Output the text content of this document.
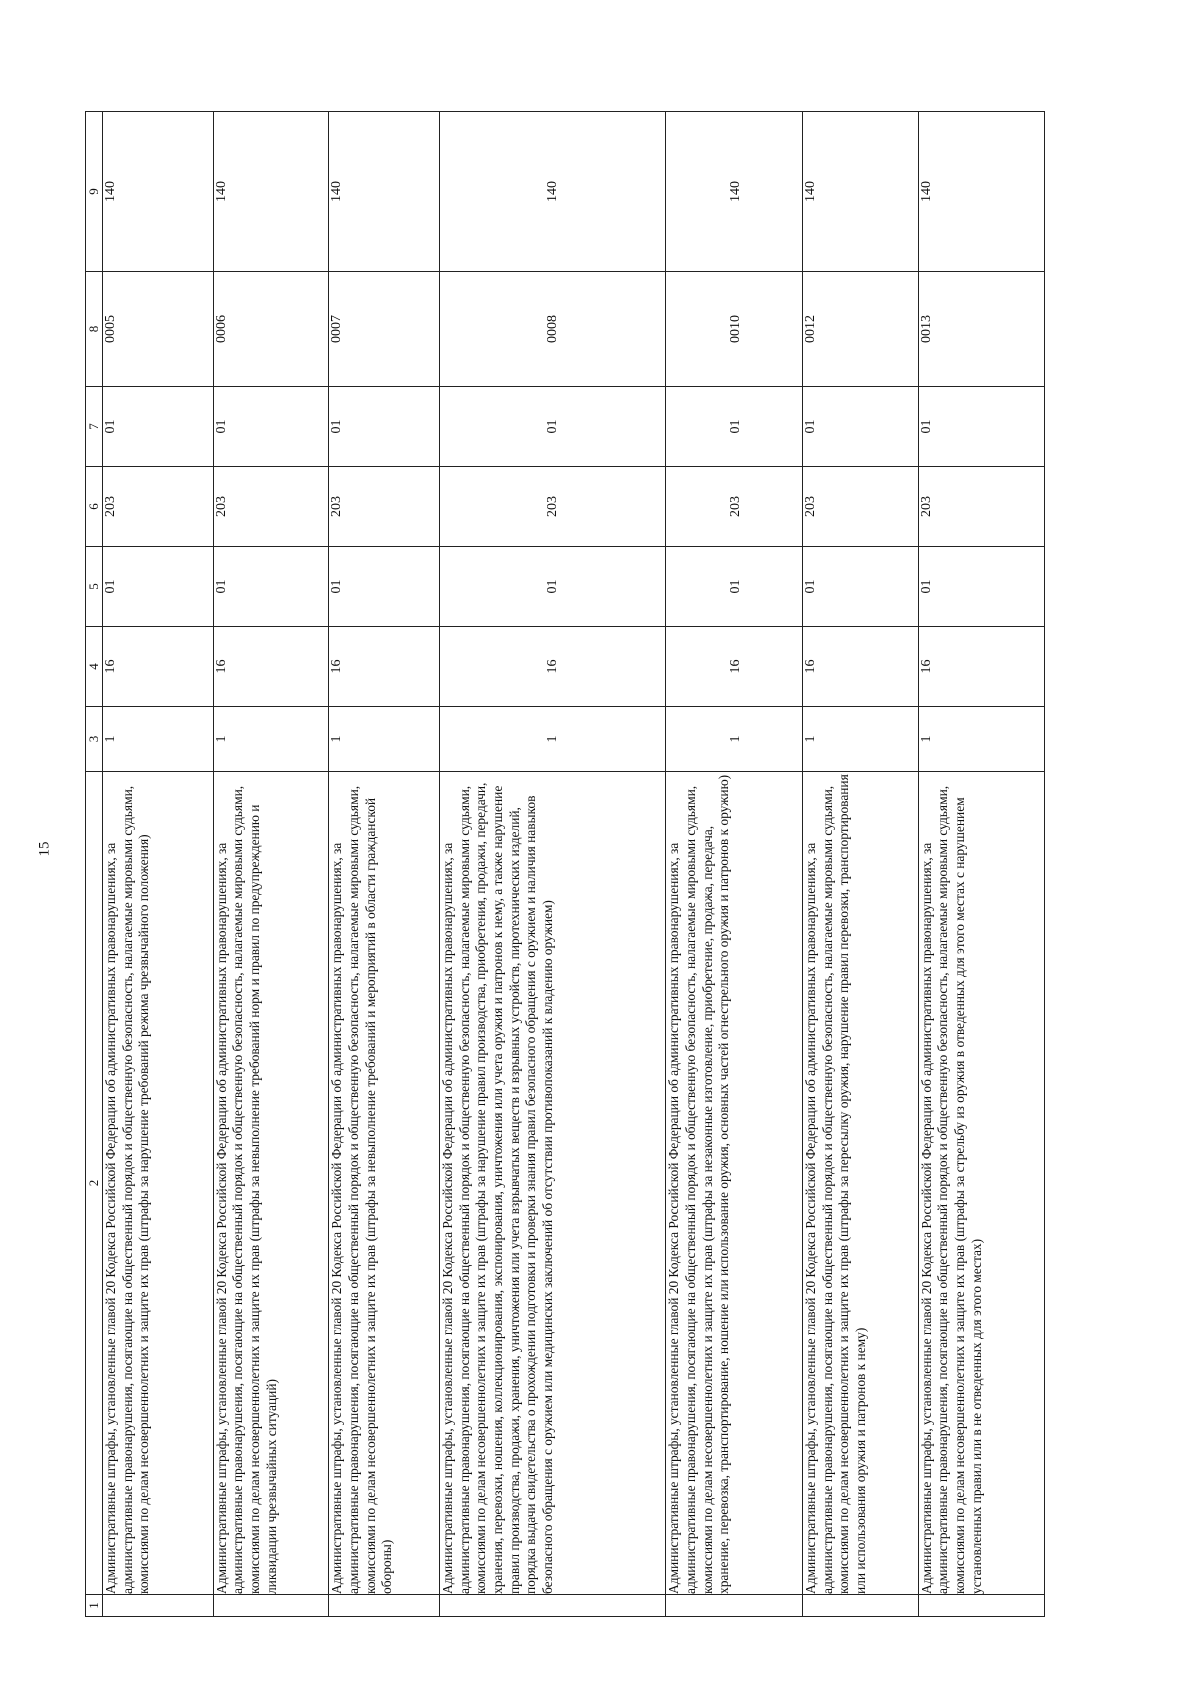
15
1	2	3	4	5	6	7	8	9
	Административные штрафы, установленные главой 20 Кодекса Российской Федерации об административных правонарушениях, за административные правонарушения, посягающие на общественный порядок и общественную безопасность, налагаемые мировыми судьями, комиссиями по делам несовершеннолетних и защите их прав (штрафы за нарушение требований режима чрезвычайного положения)	1	16	01	203	01	0005	140
	Административные штрафы, установленные главой 20 Кодекса Российской Федерации об административных правонарушениях, за административные правонарушения, посягающие на общественный порядок и общественную безопасность, налагаемые мировыми судьями, комиссиями по делам несовершеннолетних и защите их прав (штрафы за невыполнение требований норм и правил по предупреждению и ликвидации чрезвычайных ситуаций)	1	16	01	203	01	0006	140
	Административные штрафы, установленные главой 20 Кодекса Российской Федерации об административных правонарушениях, за административные правонарушения, посягающие на общественный порядок и общественную безопасность, налагаемые мировыми судьями, комиссиями по делам несовершеннолетних и защите их прав (штрафы за невыполнение требований и мероприятий в области гражданской обороны)	1	16	01	203	01	0007	140
	Административные штрафы, установленные главой 20 Кодекса Российской Федерации об административных правонарушениях, за административные правонарушения, посягающие на общественный порядок и общественную безопасность, налагаемые мировыми судьями, комиссиями по делам несовершеннолетних и защите их прав (штрафы за нарушение правил производства, приобретения, продажи, передачи, хранения, перевозки, ношения, коллекционирования, экспонирования, уничтожения или учета оружия и патронов к нему, а также нарушение правил производства, продажи, хранения, уничтожения или учета взрывчатых веществ и взрывных устройств, пиротехнических изделий, порядка выдачи свидетельства о прохождении подготовки и проверки знания правил безопасного обращения с оружием и наличия навыков безопасного обращения с оружием или медицинских заключений об отсутствии противопоказаний к владению оружием)	1	16	01	203	01	0008	140
	Административные штрафы, установленные главой 20 Кодекса Российской Федерации об административных правонарушениях, за административные правонарушения, посягающие на общественный порядок и общественную безопасность, налагаемые мировыми судьями, комиссиями по делам несовершеннолетних и защите их прав (штрафы за незаконные изготовление, приобретение, продажа, передача, хранение, перевозка, транспортирование, ношение или использование оружия, основных частей огнестрельного оружия и патронов к оружию)	1	16	01	203	01	0010	140
	Административные штрафы, установленные главой 20 Кодекса Российской Федерации об административных правонарушениях, за административные правонарушения, посягающие на общественный порядок и общественную безопасность, налагаемые мировыми судьями, комиссиями по делам несовершеннолетних и защите их прав (штрафы за пересылку оружия, нарушение правил перевозки, транспортирования или использования оружия и патронов к нему)	1	16	01	203	01	0012	140
	Административные штрафы, установленные главой 20 Кодекса Российской Федерации об административных правонарушениях, за административные правонарушения, посягающие на общественный порядок и общественную безопасность, налагаемые мировыми судьями, комиссиями по делам несовершеннолетних и защите их прав (штрафы за стрельбу из оружия в отведенных для этого местах с нарушением установленных правил или в не отведенных для этого местах)	1	16	01	203	01	0013	140
